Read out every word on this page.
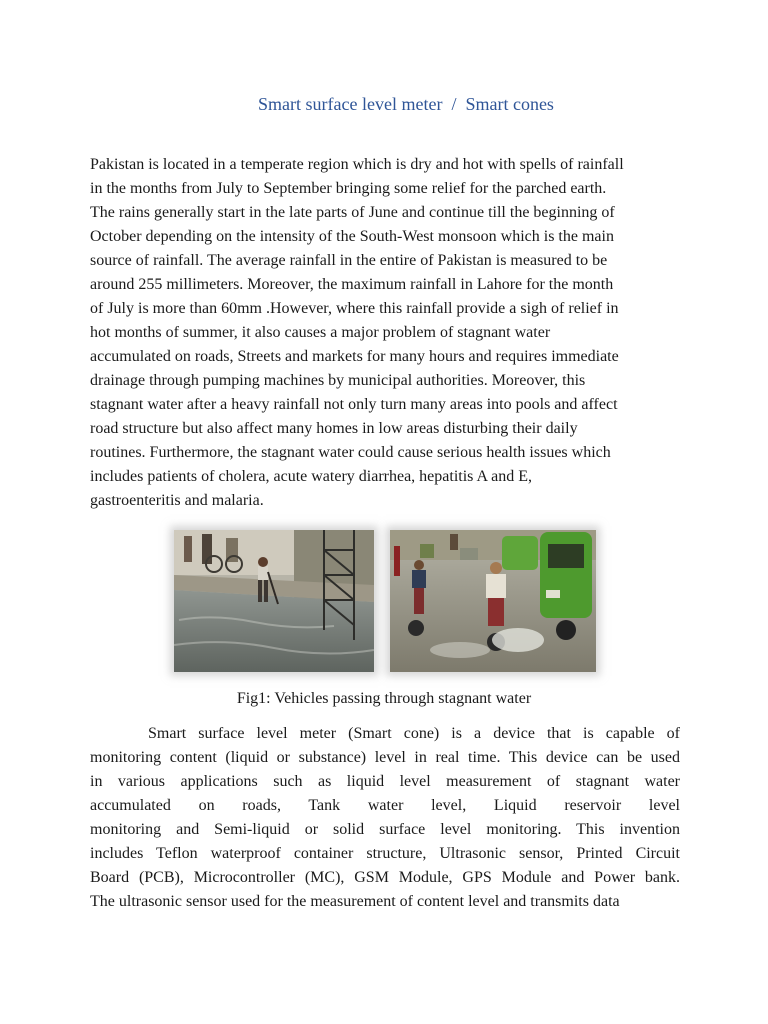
Smart surface level meter  /  Smart cones

Pakistan is located in a temperate region which is dry and hot with spells of rainfall
in the months from July to September bringing some relief for the parched earth.
The rains generally start in the late parts of June and continue till the beginning of
October depending on the intensity of the South-West monsoon which is the main
source of rainfall. The average rainfall in the entire of Pakistan is measured to be
around 255 millimeters. Moreover, the maximum rainfall in Lahore for the month
of July is more than 60mm .However, where this rainfall provide a sigh of relief in
hot months of summer, it also causes a major problem of stagnant water
accumulated on roads, Streets and markets for many hours and requires immediate
drainage through pumping machines by municipal authorities. Moreover, this
stagnant water after a heavy rainfall not only turn many areas into pools and affect
road structure but also affect many homes in low areas disturbing their daily
routines. Furthermore, the stagnant water could cause serious health issues which
includes patients of cholera, acute watery diarrhea, hepatitis A and E,
gastroenteritis and malaria.

Fig1: Vehicles passing through stagnant water

Smart surface level meter (Smart cone) is a device that is capable of
monitoring content (liquid or substance) level in real time. This device can be used
in various applications such as liquid level measurement of stagnant water
accumulated on roads, Tank water level, Liquid reservoir level
monitoring and Semi-liquid or solid surface level monitoring. This invention
includes Teflon waterproof container structure, Ultrasonic sensor, Printed Circuit
Board (PCB), Microcontroller (MC), GSM Module, GPS Module and Power bank.
The ultrasonic sensor used for the measurement of content level and transmits data
